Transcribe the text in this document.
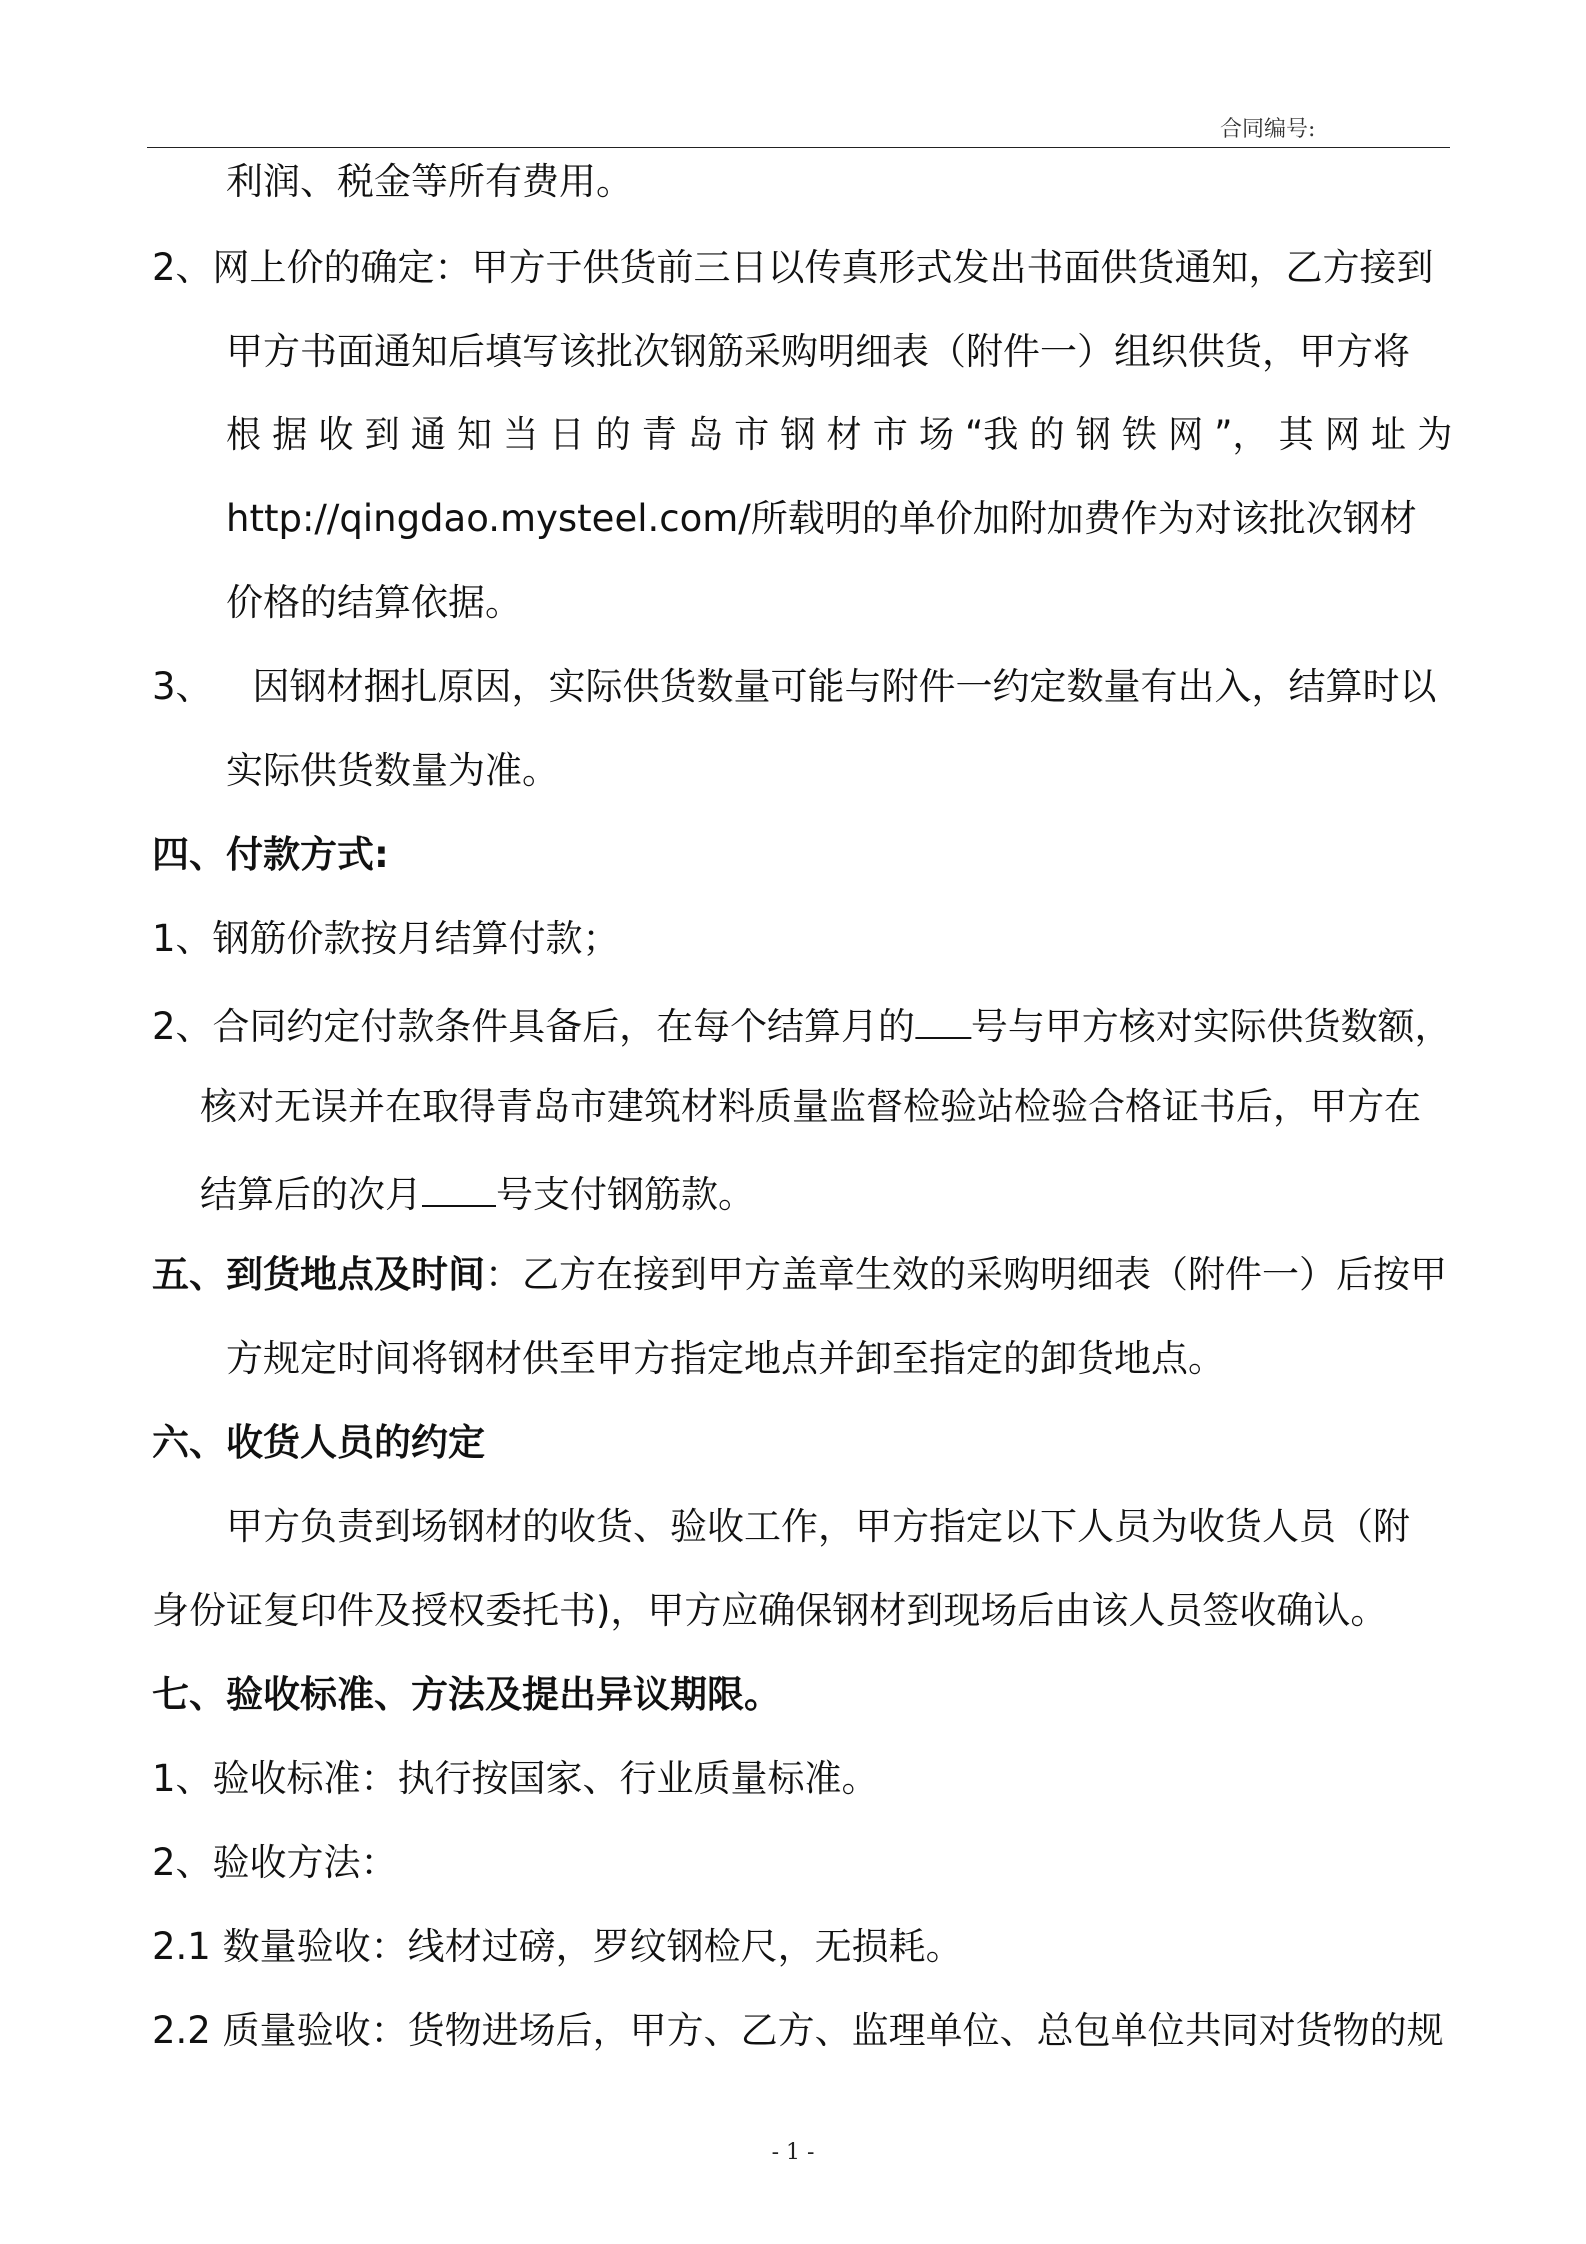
合同编号:
利润、税金等所有费用。
2、网上价的确定：甲方于供货前三日以传真形式发出书面供货通知，乙方接到
甲方书面通知后填写该批次钢筋采购明细表（附件一）组织供货，甲方将
根 据 收 到 通 知 当 日 的 青 岛 市 钢 材 市 场 “我 的 钢 铁 网 ”， 其 网 址 为
http://qingdao.mysteel.com/所载明的单价加附加费作为对该批次钢材
价格的结算依据。
3、 因钢材捆扎原因，实际供货数量可能与附件一约定数量有出入，结算时以
实际供货数量为准。
四、付款方式:
1、钢筋价款按月结算付款；
2、合同约定付款条件具备后，在每个结算月的 号与甲方核对实际供货数额，
核对无误并在取得青岛市建筑材料质量监督检验站检验合格证书后，甲方在
结算后的次月 号支付钢筋款。
五、到货地点及时间：乙方在接到甲方盖章生效的采购明细表（附件一）后按甲
方规定时间将钢材供至甲方指定地点并卸至指定的卸货地点。
六、收货人员的约定
甲方负责到场钢材的收货、验收工作，甲方指定以下人员为收货人员（附
身份证复印件及授权委托书)，甲方应确保钢材到现场后由该人员签收确认。
七、验收标准、方法及提出异议期限。
1、验收标准：执行按国家、行业质量标准。
2、验收方法：
2.1 数量验收：线材过磅，罗纹钢检尺，无损耗。
2.2 质量验收：货物进场后，甲方、乙方、监理单位、总包单位共同对货物的规
- 1 -
